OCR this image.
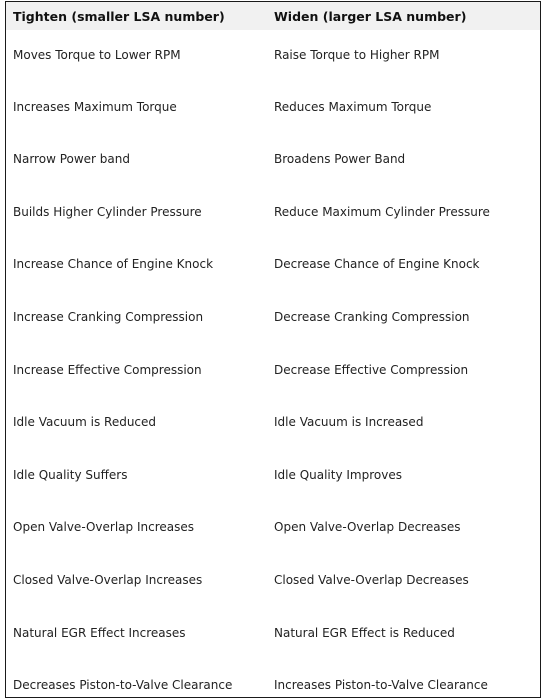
Tighten (smaller LSA number)	Widen (larger LSA number)

Moves Torque to Lower RPM	Raise Torque to Higher RPM

Increases Maximum Torque	Reduces Maximum Torque

Narrow Power band	Broadens Power Band

Builds Higher Cylinder Pressure	Reduce Maximum Cylinder Pressure

Increase Chance of Engine Knock	Decrease Chance of Engine Knock

Increase Cranking Compression	Decrease Cranking Compression

Increase Effective Compression	Decrease Effective Compression

Idle Vacuum is Reduced	Idle Vacuum is Increased

Idle Quality Suffers	Idle Quality Improves

Open Valve-Overlap Increases	Open Valve-Overlap Decreases

Closed Valve-Overlap Increases	Closed Valve-Overlap Decreases

Natural EGR Effect Increases	Natural EGR Effect is Reduced

Decreases Piston-to-Valve Clearance	Increases Piston-to-Valve Clearance
